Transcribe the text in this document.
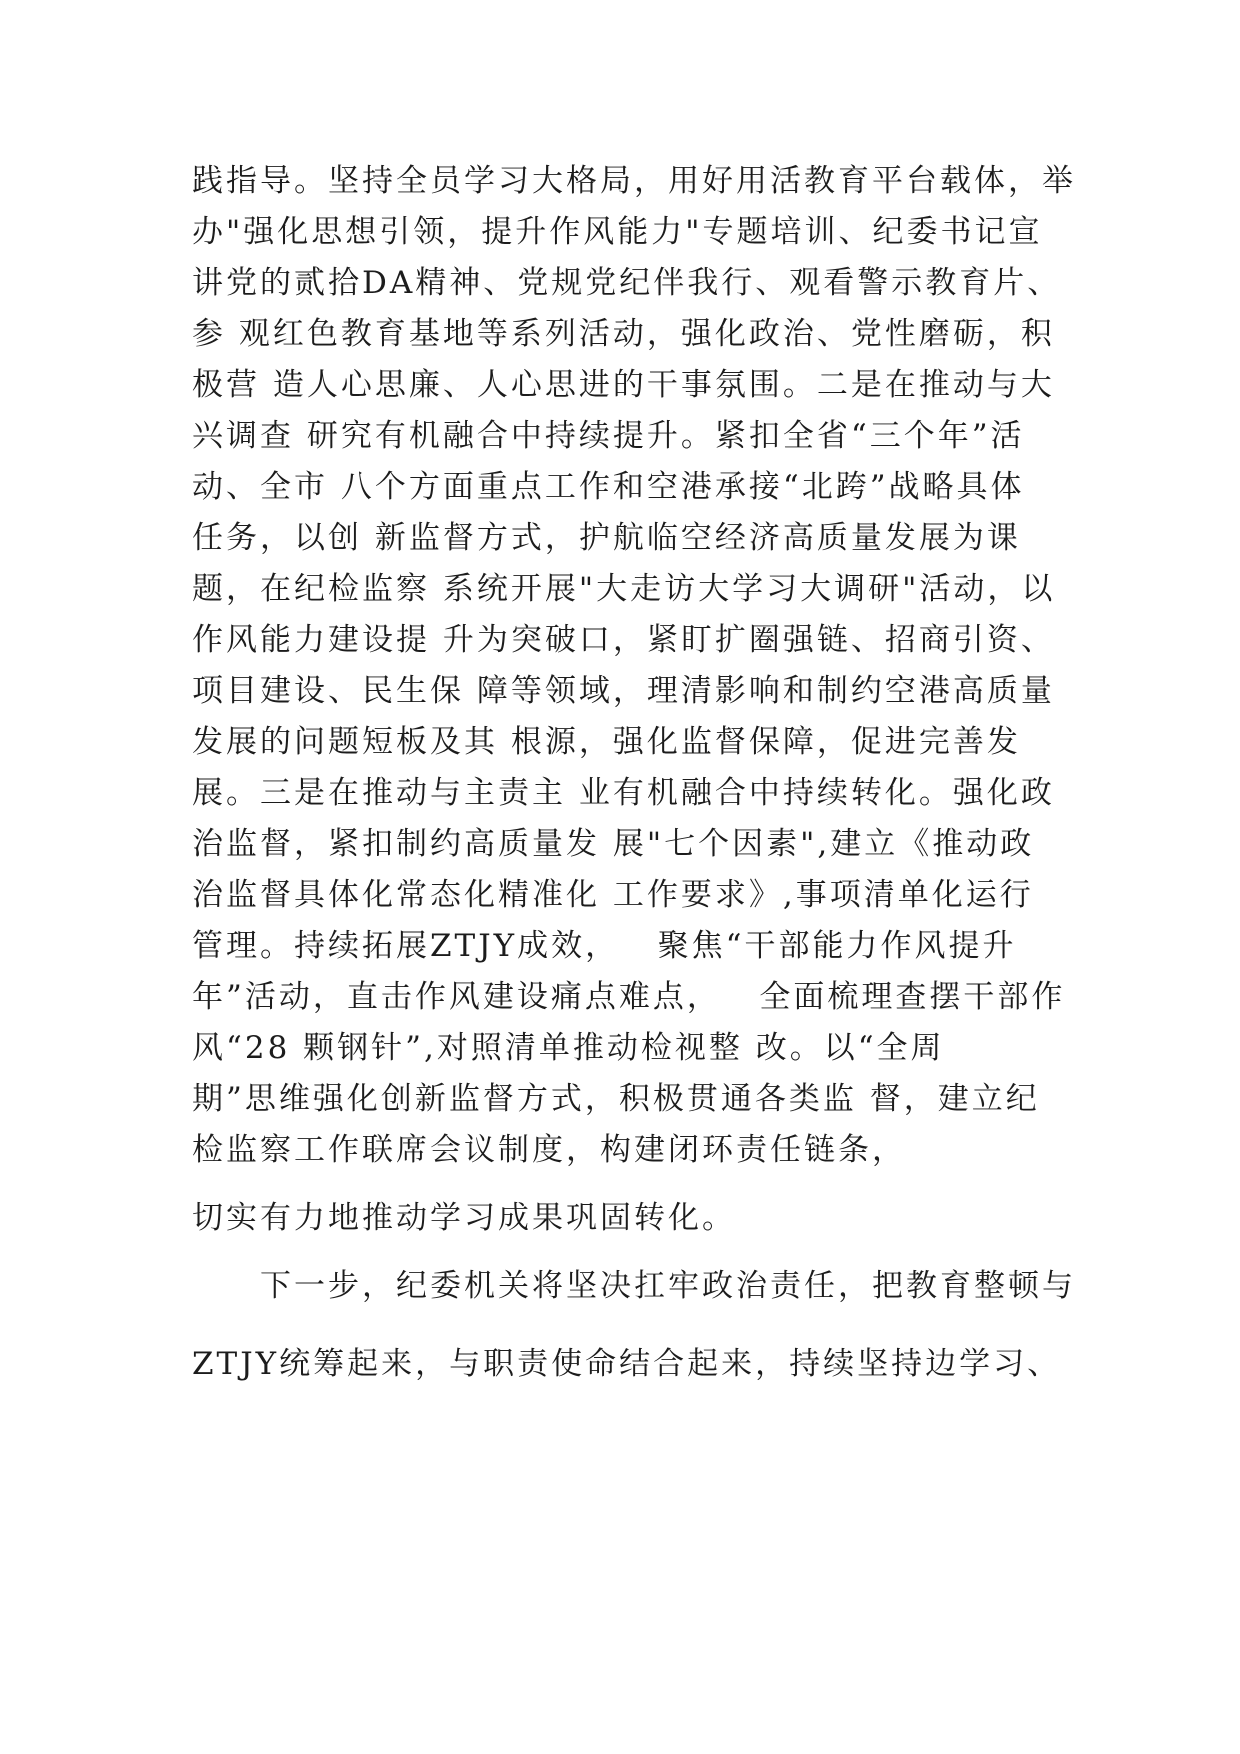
践指导。坚持全员学习大格局，用好用活教育平台载体，举
办"强化思想引领，提升作风能力"专题培训、纪委书记宣
讲党的贰拾DA精神、党规党纪伴我行、观看警示教育片、
参 观红色教育基地等系列活动，强化政治、党性磨砺，积
极营 造人心思廉、人心思进的干事氛围。二是在推动与大
兴调查 研究有机融合中持续提升。紧扣全省“三个年”活
动、全市 八个方面重点工作和空港承接“北跨”战略具体
任务，以创 新监督方式，护航临空经济高质量发展为课
题，在纪检监察 系统开展"大走访大学习大调研"活动，以
作风能力建设提 升为突破口，紧盯扩圈强链、招商引资、
项目建设、民生保 障等领域，理清影响和制约空港高质量
发展的问题短板及其 根源，强化监督保障，促进完善发
展。三是在推动与主责主 业有机融合中持续转化。强化政
治监督，紧扣制约高质量发 展"七个因素",建立《推动政
治监督具体化常态化精准化 工作要求》,事项清单化运行
管理。持续拓展ZTJY成效，   聚焦“干部能力作风提升
年”活动，直击作风建设痛点难点，   全面梳理查摆干部作
风“28 颗钢针”,对照清单推动检视整 改。以“全周
期”思维强化创新监督方式，积极贯通各类监 督，建立纪
检监察工作联席会议制度，构建闭环责任链条，
切实有力地推动学习成果巩固转化。
下一步，纪委机关将坚决扛牢政治责任，把教育整顿与
ZTJY统筹起来，与职责使命结合起来，持续坚持边学习、
